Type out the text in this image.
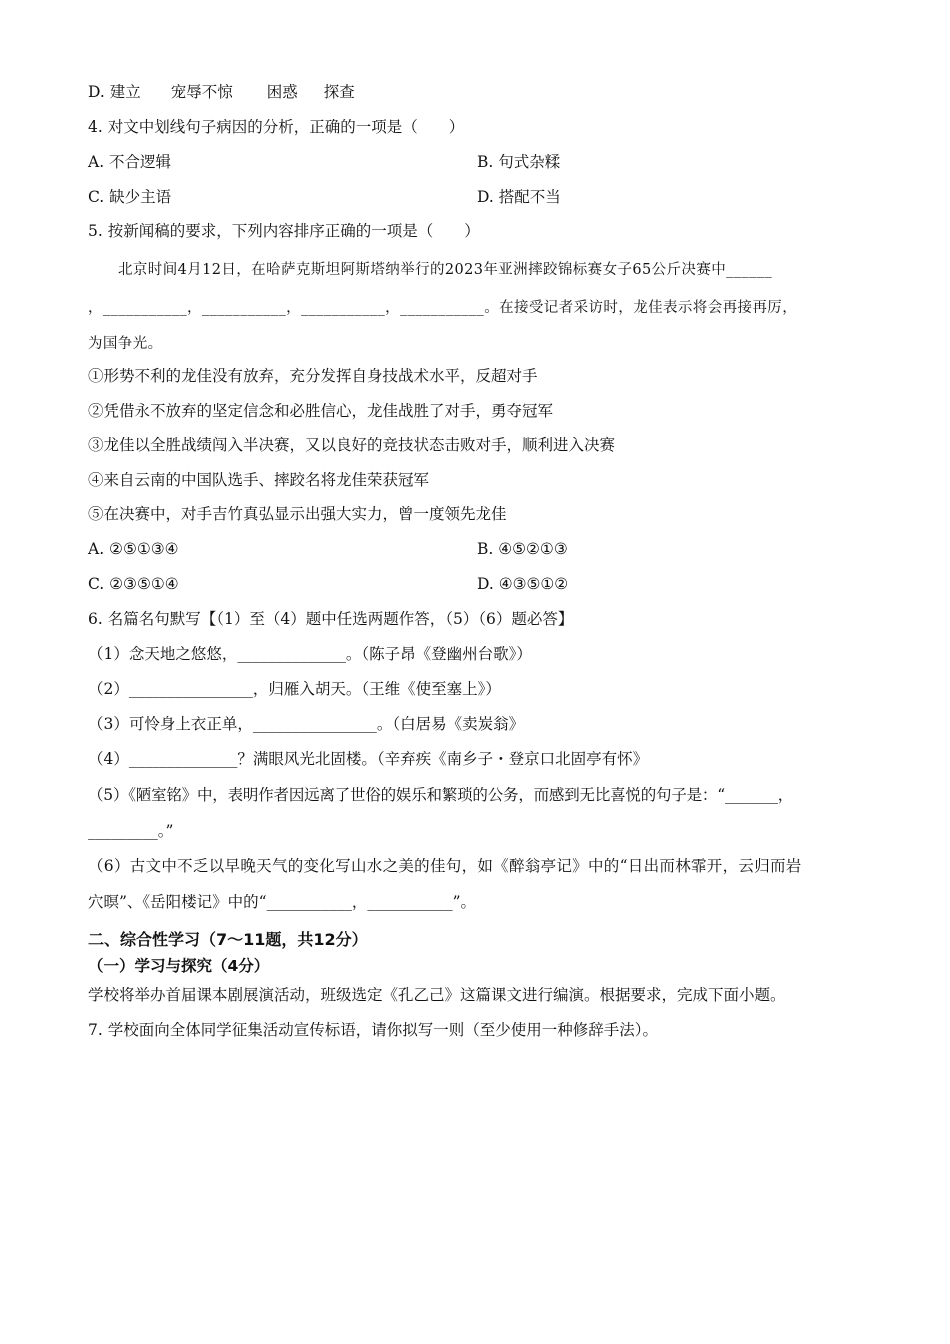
D. 建立 宠辱不惊 困惑 探查

4. 对文中划线句子病因的分析，正确的一项是（　　）

A. 不合逻辑	B. 句式杂糅
C. 缺少主语	D. 搭配不当

5. 按新闻稿的要求，下列内容排序正确的一项是（　　）

北京时间4月12日，在哈萨克斯坦阿斯塔纳举行的2023年亚洲摔跤锦标赛女子65公斤决赛中______

，___________，___________，___________，___________。在接受记者采访时，龙佳表示将会再接再厉，

为国争光。

①形势不利的龙佳没有放弃，充分发挥自身技战术水平，反超对手

②凭借永不放弃的坚定信念和必胜信心，龙佳战胜了对手，勇夺冠军

③龙佳以全胜战绩闯入半决赛，又以良好的竞技状态击败对手，顺利进入决赛

④来自云南的中国队选手、摔跤名将龙佳荣获冠军

⑤在决赛中，对手吉竹真弘显示出强大实力，曾一度领先龙佳

A. ②⑤①③④	B. ④⑤②①③
C. ②③⑤①④	D. ④③⑤①②

6. 名篇名句默写【（1）至（4）题中任选两题作答，（5）（6）题必答】

（1）念天地之悠悠，______________。（陈子昂《登幽州台歌》）

（2）________________，归雁入胡天。（王维《使至塞上》）

（3）可怜身上衣正单，________________。（白居易《卖炭翁》

（4）______________？满眼风光北固楼。（辛弃疾《南乡子・登京口北固亭有怀》

（5）《陋室铭》中，表明作者因远离了世俗的娱乐和繁琐的公务，而感到无比喜悦的句子是：“_______，

_________。”

（6）古文中不乏以早晚天气的变化写山水之美的佳句，如《醉翁亭记》中的“日出而林霏开，云归而岩

穴暝”、《岳阳楼记》中的“___________，___________”。

二、综合性学习（7～11题，共12分）

（一）学习与探究（4分）

学校将举办首届课本剧展演活动，班级选定《孔乙己》这篇课文进行编演。根据要求，完成下面小题。

7. 学校面向全体同学征集活动宣传标语，请你拟写一则（至少使用一种修辞手法）。
